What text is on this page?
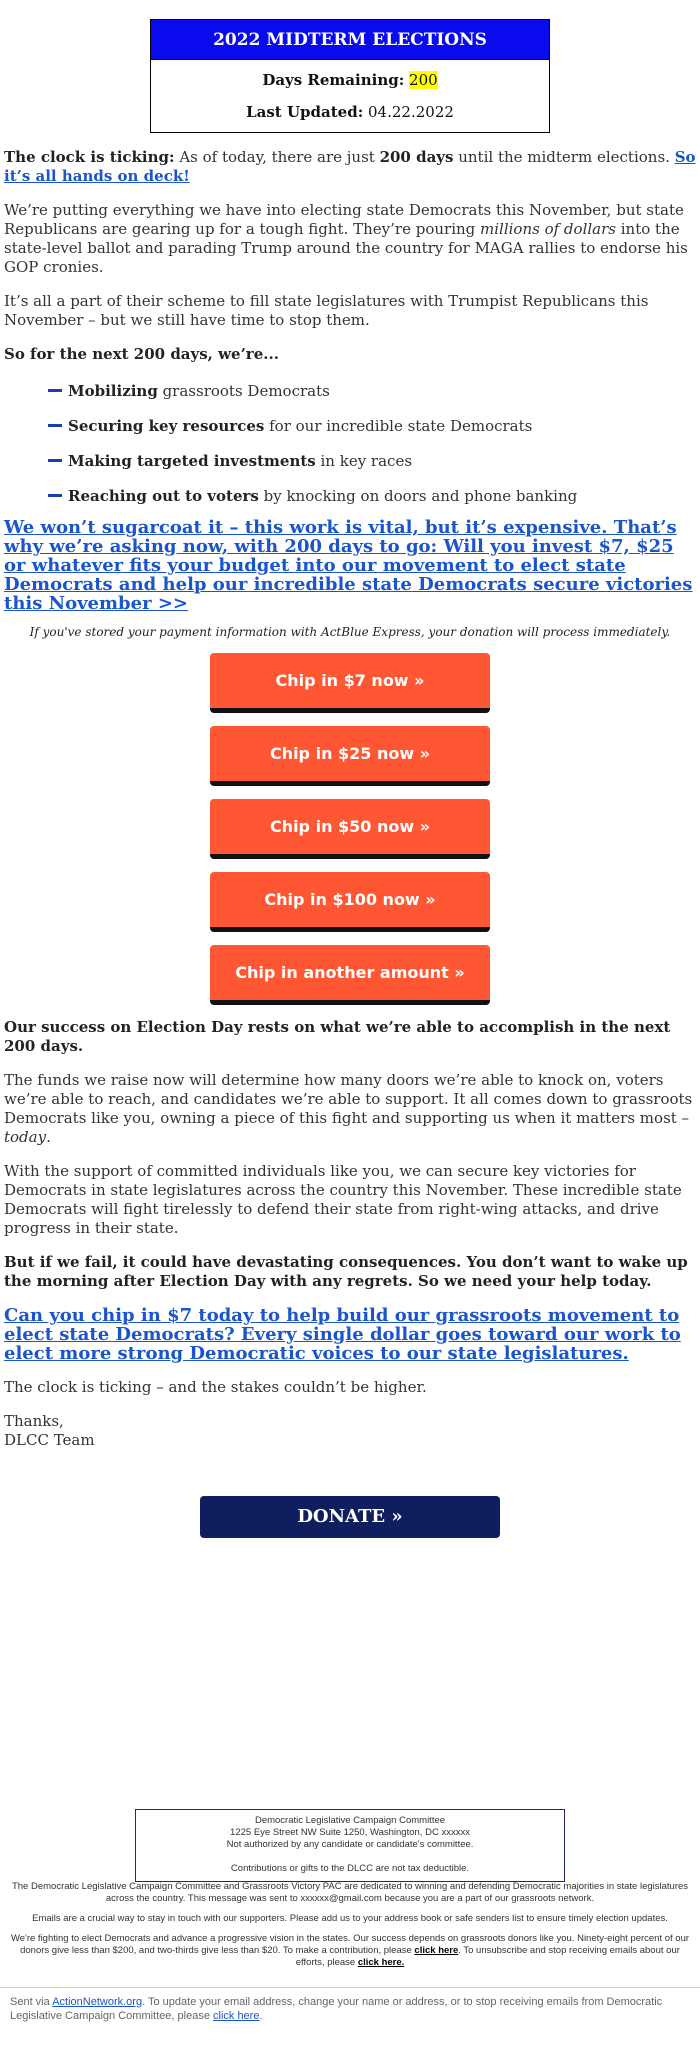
2022 MIDTERM ELECTIONS
Days Remaining: 200
Last Updated: 04.22.2022

The clock is ticking: As of today, there are just 200 days until the midterm elections. So it’s all hands on deck!

We’re putting everything we have into electing state Democrats this November, but state Republicans are gearing up for a tough fight. They’re pouring millions of dollars into the state-level ballot and parading Trump around the country for MAGA rallies to endorse his GOP cronies.

It’s all a part of their scheme to fill state legislatures with Trumpist Republicans this November – but we still have time to stop them.

So for the next 200 days, we’re...

Mobilizing grassroots Democrats
Securing key resources for our incredible state Democrats
Making targeted investments in key races
Reaching out to voters by knocking on doors and phone banking
We won’t sugarcoat it – this work is vital, but it’s expensive. That’s why we’re asking now, with 200 days to go: Will you invest $7, $25 or whatever fits your budget into our movement to elect state Democrats and help our incredible state Democrats secure victories this November >>
If you've stored your payment information with ActBlue Express, your donation will process immediately.
Chip in $7 now »
Chip in $25 now »
Chip in $50 now »
Chip in $100 now »
Chip in another amount »

Our success on Election Day rests on what we’re able to accomplish in the next 200 days.

The funds we raise now will determine how many doors we’re able to knock on, voters we’re able to reach, and candidates we’re able to support. It all comes down to grassroots Democrats like you, owning a piece of this fight and supporting us when it matters most – today.

With the support of committed individuals like you, we can secure key victories for Democrats in state legislatures across the country this November. These incredible state Democrats will fight tirelessly to defend their state from right-wing attacks, and drive progress in their state.

But if we fail, it could have devastating consequences. You don’t want to wake up the morning after Election Day with any regrets. So we need your help today.

Can you chip in $7 today to help build our grassroots movement to elect state Democrats? Every single dollar goes toward our work to elect more strong Democratic voices to our state legislatures.

The clock is ticking – and the stakes couldn’t be higher.

Thanks,

DLCC Team

DONATE »
Democratic Legislative Campaign Committee
1225 Eye Street NW Suite 1250, Washington, DC xxxxxx
Not authorized by any candidate or candidate's committee.
Contributions or gifts to the DLCC are not tax deductible.
The Democratic Legislative Campaign Committee and Grassroots Victory PAC are dedicated to winning and defending Democratic majorities in state legislatures across the country. This message was sent to xxxxxx@gmail.com because you are a part of our grassroots network.
Emails are a crucial way to stay in touch with our supporters. Please add us to your address book or safe senders list to ensure timely election updates.
We're fighting to elect Democrats and advance a progressive vision in the states. Our success depends on grassroots donors like you. Ninety-eight percent of our donors give less than $200, and two-thirds give less than $20. To make a contribution, please click here. To unsubscribe and stop receiving emails about our efforts, please click here.
Sent via ActionNetwork.org. To update your email address, change your name or address, or to stop receiving emails from Democratic Legislative Campaign Committee, please click here.
